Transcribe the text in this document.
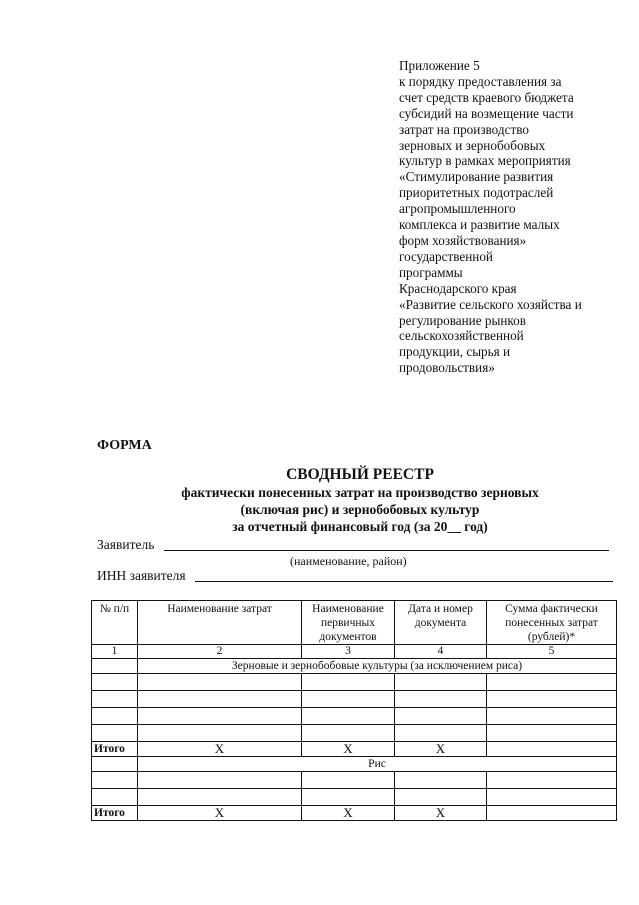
Приложение 5
к порядку предоставления за
счет средств краевого бюджета
субсидий на возмещение части
затрат на производство
зерновых и зернобобовых
культур в рамках мероприятия
«Стимулирование развития
приоритетных подотраслей
агропромышленного
комплекса и развитие малых
форм хозяйствования»
государственной
программы
Краснодарского края
«Развитие сельского хозяйства и
регулирование рынков
сельскохозяйственной
продукции, сырья и
продовольствия»
ФОРМА
СВОДНЫЙ РЕЕСТР
фактически понесенных затрат на производство зерновых
(включая рис) и зернобобовых культур
за отчетный финансовый год (за 20__ год)
Заявитель
(наименование, район)
ИНН заявителя
№ п/п	Наименование затрат	Наименование первичных документов	Дата и номер документа	Сумма фактически понесенных затрат (рублей)*
1	2	3	4	5
	Зерновые и зернобобовые культуры (за исключением риса)			

Итого	X	X	X	
	Рис			

Итого	X	X	X	
